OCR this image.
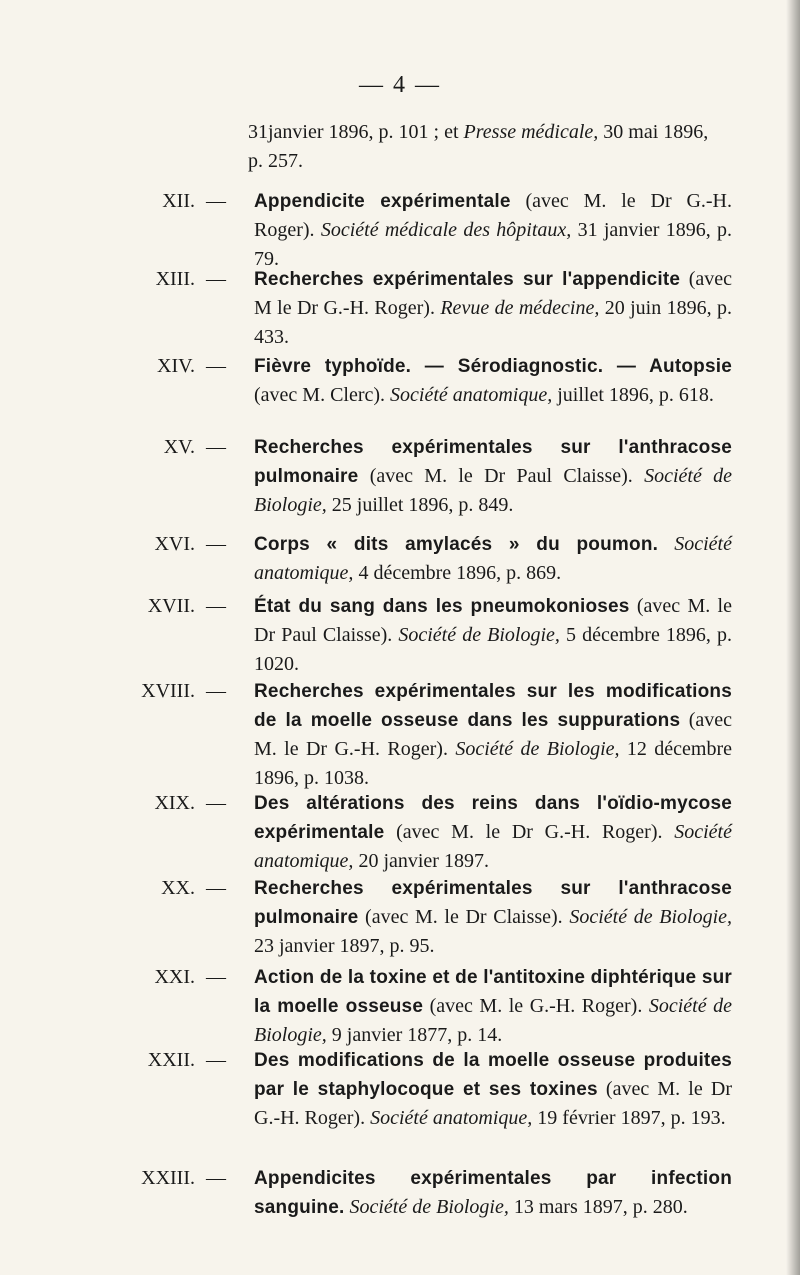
— 4 —
31janvier 1896, p. 101 ; et Presse médicale, 30 mai 1896, p. 257.
XII. — Appendicite expérimentale (avec M. le Dr G.-H. Roger). Société médicale des hôpitaux, 31 janvier 1896, p. 79.
XIII. — Recherches expérimentales sur l'appendicite (avec M le Dr G.-H. Roger). Revue de médecine, 20 juin 1896, p. 433.
XIV. — Fièvre typhoïde. — Sérodiagnostic. — Autopsie (avec M. Clerc). Société anatomique, juillet 1896, p. 618.
XV. — Recherches expérimentales sur l'anthracose pulmonaire (avec M. le Dr Paul Claisse). Société de Biologie, 25 juillet 1896, p. 849.
XVI. — Corps « dits amylacés » du poumon. Société anatomique, 4 décembre 1896, p. 869.
XVII. — État du sang dans les pneumokonioses (avec M. le Dr Paul Claisse). Société de Biologie, 5 décembre 1896, p. 1020.
XVIII. — Recherches expérimentales sur les modifications de la moelle osseuse dans les suppurations (avec M. le Dr G.-H. Roger). Société de Biologie, 12 décembre 1896, p. 1038.
XIX. — Des altérations des reins dans l'oïdio-mycose expérimentale (avec M. le Dr G.-H. Roger). Société anatomique, 20 janvier 1897.
XX. — Recherches expérimentales sur l'anthracose pulmonaire (avec M. le Dr Claisse). Société de Biologie, 23 janvier 1897, p. 95.
XXI. — Action de la toxine et de l'antitoxine diphtérique sur la moelle osseuse (avec M. le G.-H. Roger). Société de Biologie, 9 janvier 1877, p. 14.
XXII. — Des modifications de la moelle osseuse produites par le staphylocoque et ses toxines (avec M. le Dr G.-H. Roger). Société anatomique, 19 février 1897, p. 193.
XXIII. — Appendicites expérimentales par infection sanguine. Société de Biologie, 13 mars 1897, p. 280.
